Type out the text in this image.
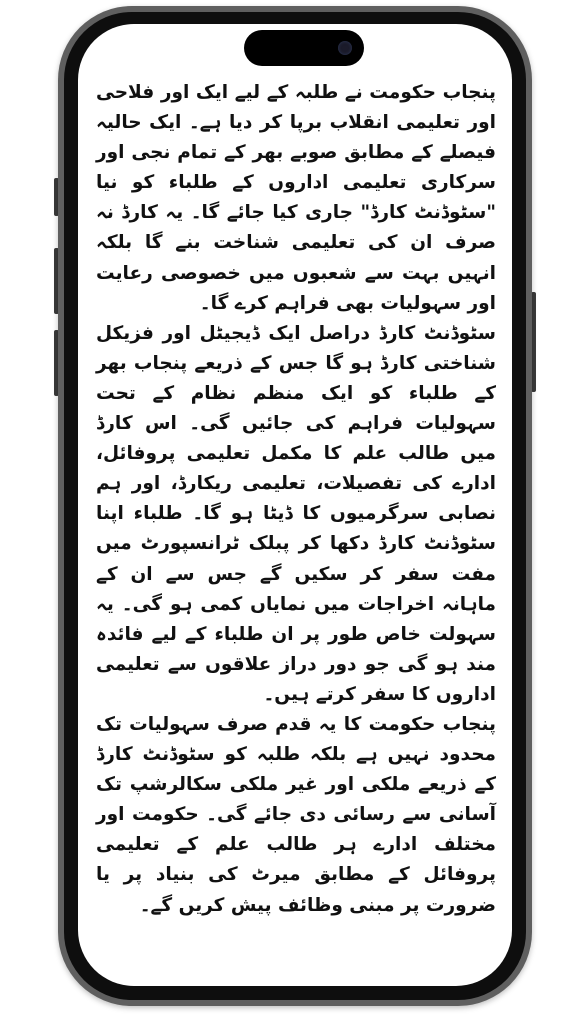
پنجاب حکومت نے طلبہ کے لیے ایک اور فلاحی اور تعلیمی انقلاب برپا کر دیا ہے۔ ایک حالیہ فیصلے کے مطابق صوبے بھر کے تمام نجی اور سرکاری تعلیمی اداروں کے طلباء کو نیا "سٹوڈنٹ کارڈ" جاری کیا جائے گا۔ یہ کارڈ نہ صرف ان کی تعلیمی شناخت بنے گا بلکہ انہیں بہت سے شعبوں میں خصوصی رعایت اور سہولیات بھی فراہم کرے گا۔

سٹوڈنٹ کارڈ دراصل ایک ڈیجیٹل اور فزیکل شناختی کارڈ ہو گا جس کے ذریعے پنجاب بھر کے طلباء کو ایک منظم نظام کے تحت سہولیات فراہم کی جائیں گی۔ اس کارڈ میں طالب علم کا مکمل تعلیمی پروفائل، ادارے کی تفصیلات، تعلیمی ریکارڈ، اور ہم نصابی سرگرمیوں کا ڈیٹا ہو گا۔ طلباء اپنا سٹوڈنٹ کارڈ دکھا کر پبلک ٹرانسپورٹ میں مفت سفر کر سکیں گے جس سے ان کے ماہانہ اخراجات میں نمایاں کمی ہو گی۔ یہ سہولت خاص طور پر ان طلباء کے لیے فائدہ مند ہو گی جو دور دراز علاقوں سے تعلیمی اداروں کا سفر کرتے ہیں۔

پنجاب حکومت کا یہ قدم صرف سہولیات تک محدود نہیں ہے بلکہ طلبہ کو سٹوڈنٹ کارڈ کے ذریعے ملکی اور غیر ملکی سکالرشپ تک آسانی سے رسائی دی جائے گی۔ حکومت اور مختلف ادارے ہر طالب علم کے تعلیمی پروفائل کے مطابق میرٹ کی بنیاد پر یا ضرورت پر مبنی وظائف پیش کریں گے۔
